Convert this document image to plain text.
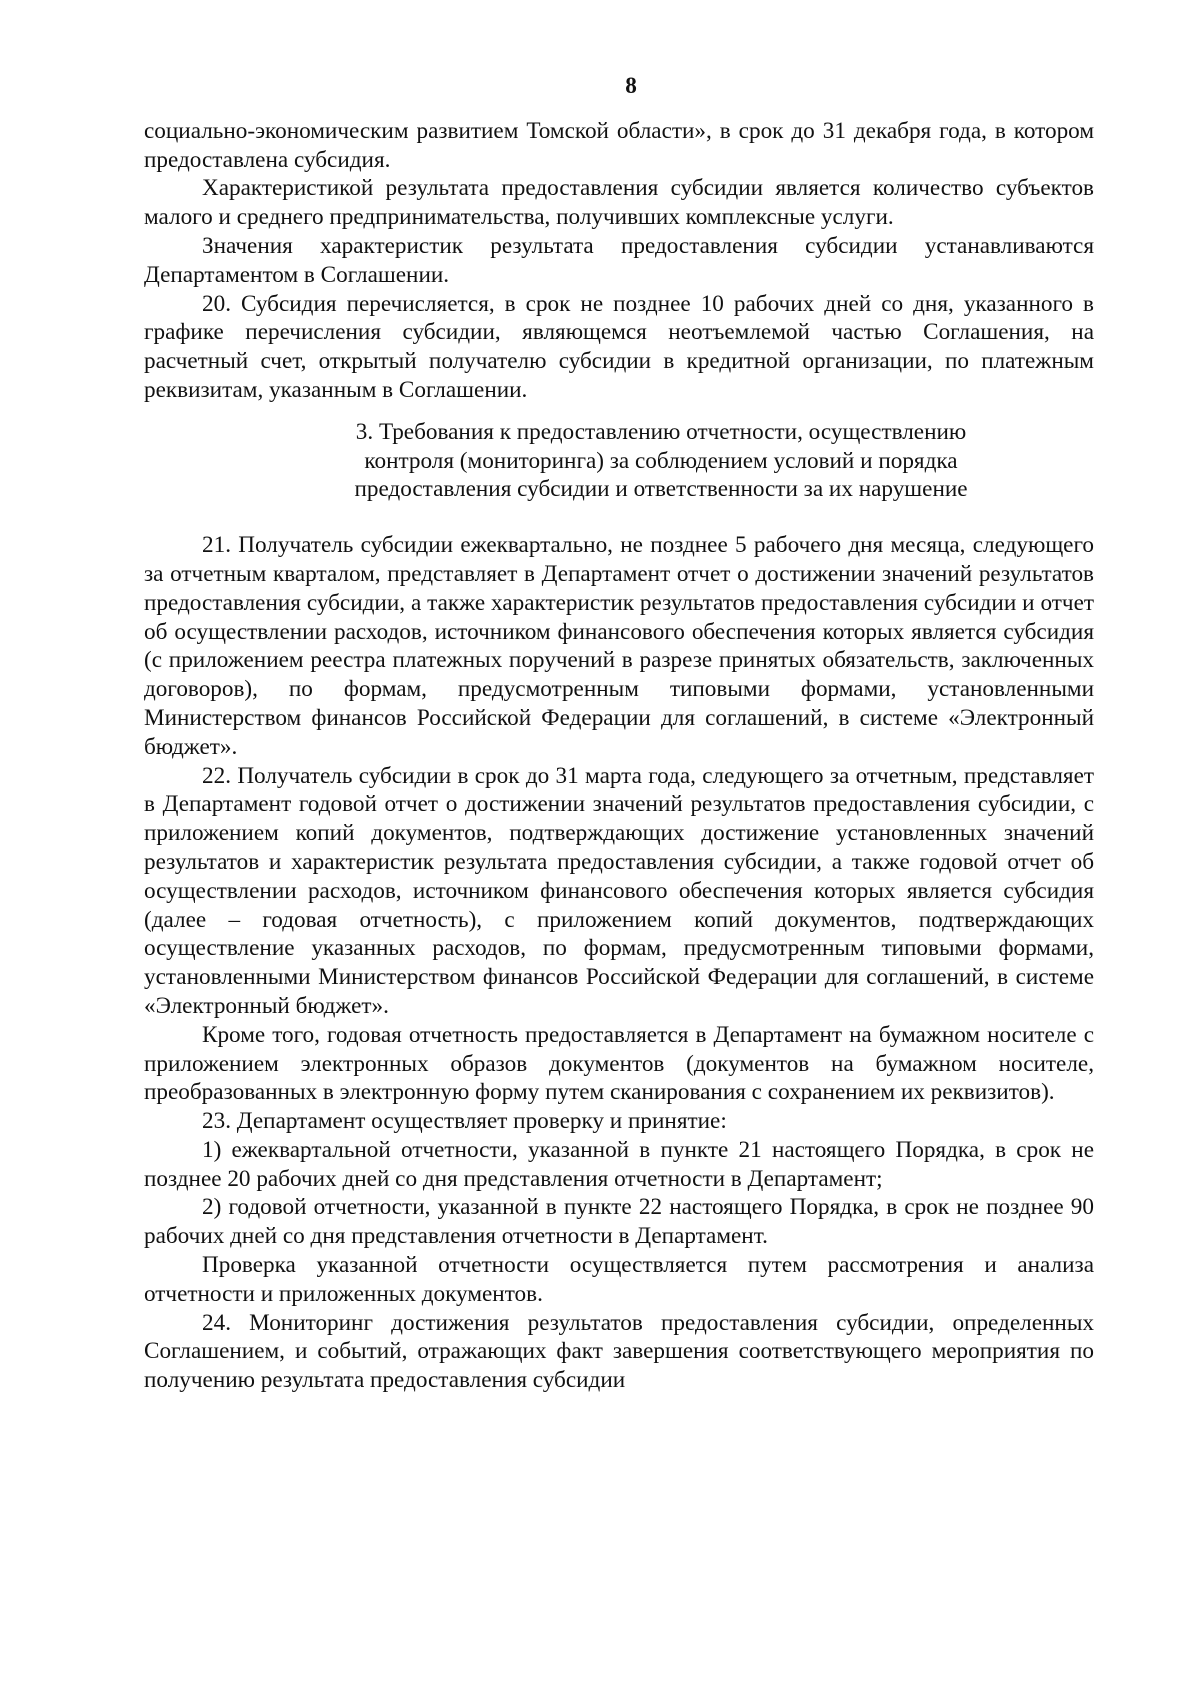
8

социально-экономическим развитием Томской области», в срок до 31 декабря года, в котором предоставлена субсидия.

Характеристикой результата предоставления субсидии является количество субъектов малого и среднего предпринимательства, получивших комплексные услуги.

Значения характеристик результата предоставления субсидии устанавливаются Департаментом в Соглашении.

20. Субсидия перечисляется, в срок не позднее 10 рабочих дней со дня, указанного в графике перечисления субсидии, являющемся неотъемлемой частью Соглашения, на расчетный счет, открытый получателю субсидии в кредитной организации, по платежным реквизитам, указанным в Соглашении.

3. Требования к предоставлению отчетности, осуществлению
контроля (мониторинга) за соблюдением условий и порядка
предоставления субсидии и ответственности за их нарушение

21. Получатель субсидии ежеквартально, не позднее 5 рабочего дня месяца, следующего за отчетным кварталом, представляет в Департамент отчет о достижении значений результатов предоставления субсидии, а также характеристик результатов предоставления субсидии и отчет об осуществлении расходов, источником финансового обеспечения которых является субсидия (с приложением реестра платежных поручений в разрезе принятых обязательств, заключенных договоров), по формам, предусмотренным типовыми формами, установленными Министерством финансов Российской Федерации для соглашений, в системе «Электронный бюджет».

22. Получатель субсидии в срок до 31 марта года, следующего за отчетным, представляет в Департамент годовой отчет о достижении значений результатов предоставления субсидии, с приложением копий документов, подтверждающих достижение установленных значений результатов и характеристик результата предоставления субсидии, а также годовой отчет об осуществлении расходов, источником финансового обеспечения которых является субсидия (далее – годовая отчетность), с приложением копий документов, подтверждающих осуществление указанных расходов, по формам, предусмотренным типовыми формами, установленными Министерством финансов Российской Федерации для соглашений, в системе «Электронный бюджет».

Кроме того, годовая отчетность предоставляется в Департамент на бумажном носителе с приложением электронных образов документов (документов на бумажном носителе, преобразованных в электронную форму путем сканирования с сохранением их реквизитов).

23. Департамент осуществляет проверку и принятие:

1) ежеквартальной отчетности, указанной в пункте 21 настоящего Порядка, в срок не позднее 20 рабочих дней со дня представления отчетности в Департамент;

2) годовой отчетности, указанной в пункте 22 настоящего Порядка, в срок не позднее 90 рабочих дней со дня представления отчетности в Департамент.

Проверка указанной отчетности осуществляется путем рассмотрения и анализа отчетности и приложенных документов.

24. Мониторинг достижения результатов предоставления субсидии, определенных Соглашением, и событий, отражающих факт завершения соответствующего мероприятия по получению результата предоставления субсидии
